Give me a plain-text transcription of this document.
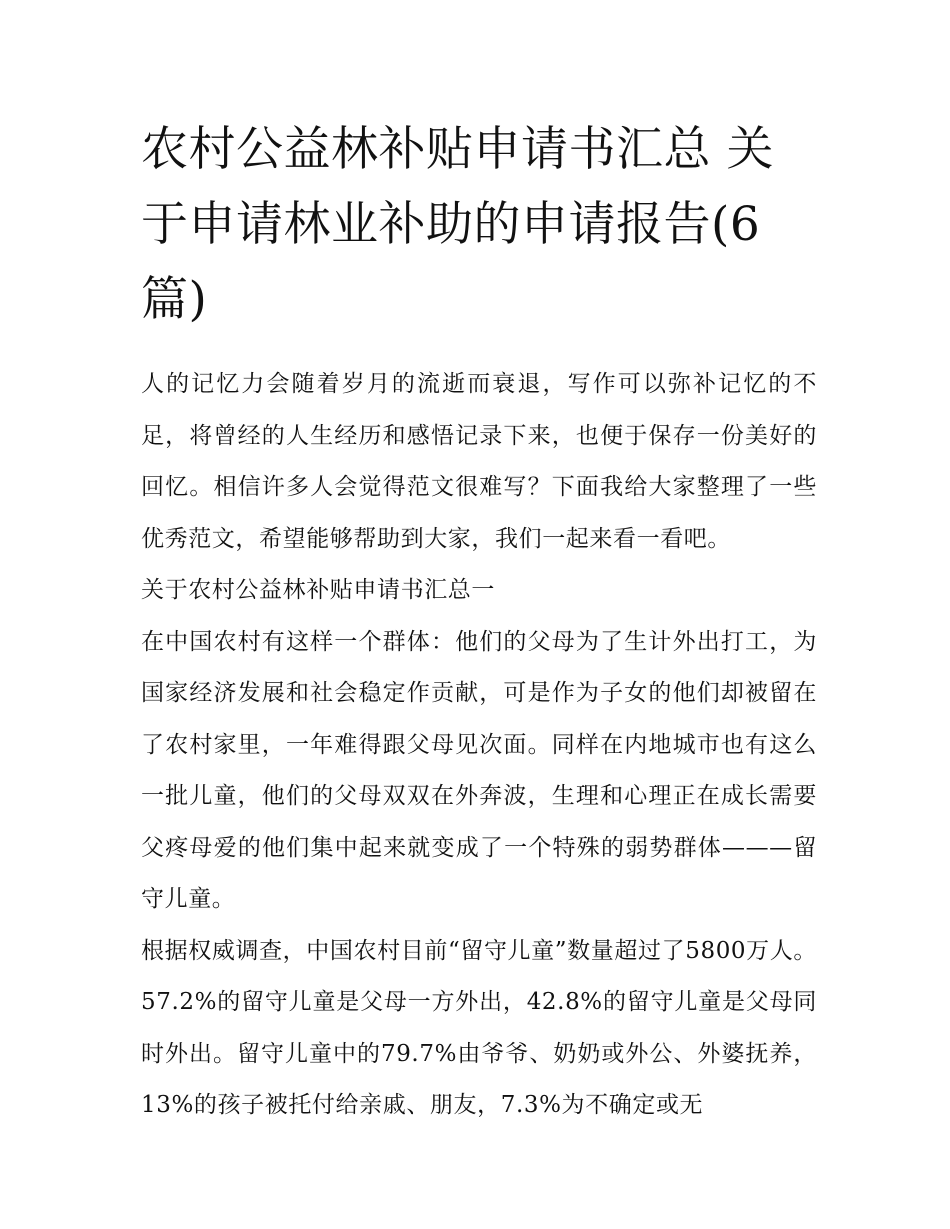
农村公益林补贴申请书汇总 关于申请林业补助的申请报告(6篇)

人的记忆力会随着岁月的流逝而衰退，写作可以弥补记忆的不足，将曾经的人生经历和感悟记录下来，也便于保存一份美好的回忆。相信许多人会觉得范文很难写？下面我给大家整理了一些优秀范文，希望能够帮助到大家，我们一起来看一看吧。

关于农村公益林补贴申请书汇总一

在中国农村有这样一个群体：他们的父母为了生计外出打工，为国家经济发展和社会稳定作贡献，可是作为子女的他们却被留在了农村家里，一年难得跟父母见次面。同样在内地城市也有这么一批儿童，他们的父母双双在外奔波，生理和心理正在成长需要父疼母爱的他们集中起来就变成了一个特殊的弱势群体———留守儿童。

根据权威调查，中国农村目前“留守儿童”数量超过了5800万人。57.2%的留守儿童是父母一方外出，42.8%的留守儿童是父母同时外出。留守儿童中的79.7%由爷爷、奶奶或外公、外婆抚养，13%的孩子被托付给亲戚、朋友，7.3%为不确定或无
